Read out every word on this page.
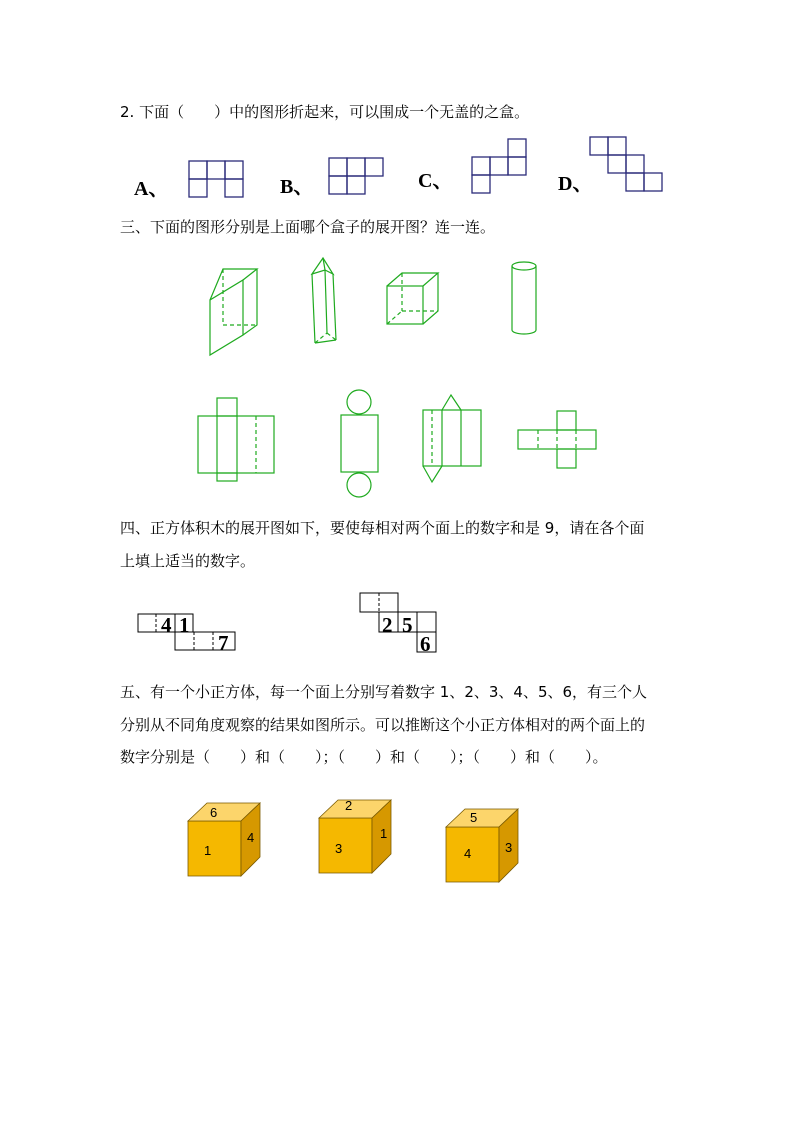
2. 下面（　　）中的图形折起来，可以围成一个无盖的之盒。
A、	B、	C、	D、
三、下面的图形分别是上面哪个盒子的展开图？连一连。
四、正方体积木的展开图如下，要使每相对两个面上的数字和是 9，请在各个面
上填上适当的数字。
4 1
7
2 5
6
五、有一个小正方体，每一个面上分别写着数字 1、2、3、4、5、6，有三个人
分别从不同角度观察的结果如图所示。可以推断这个小正方体相对的两个面上的
数字分别是（　　）和（　　）；（　　）和（　　）；（　　）和（　　）。
6
1
4
2
3
1
5
4	3
